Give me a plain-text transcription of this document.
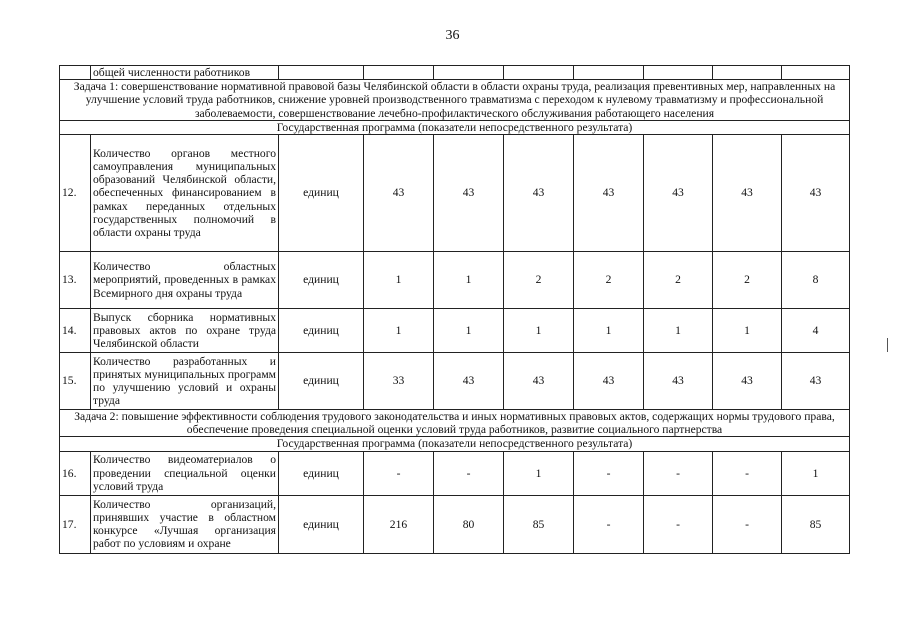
36
	общей численности работников								
Задача 1: совершенствование нормативной правовой базы Челябинской области в области охраны труда, реализация превентивных мер, направленных на улучшение условий труда работников, снижение уровней производственного травматизма с переходом к нулевому травматизму и профессиональной заболеваемости, совершенствование лечебно-профилактического обслуживания работающего населения									
Государственная программа (показатели непосредственного результата)									
12.	Количество органов местного самоуправления муниципальных образований Челябинской области, обеспеченных финансированием в рамках переданных отдельных государственных полномочий в области охраны труда	единиц	43	43	43	43	43	43	43
13.	Количество областных мероприятий, проведенных в рамках Всемирного дня охраны труда	единиц	1	1	2	2	2	2	8
14.	Выпуск сборника нормативных правовых актов по охране труда Челябинской области	единиц	1	1	1	1	1	1	4
15.	Количество разработанных и принятых муниципальных программ по улучшению условий и охраны труда	единиц	33	43	43	43	43	43	43
Задача 2: повышение эффективности соблюдения трудового законодательства и иных нормативных правовых актов, содержащих нормы трудового права, обеспечение проведения специальной оценки условий труда работников, развитие социального партнерства									
Государственная программа (показатели непосредственного результата)									
16.	Количество видеоматериалов о проведении специальной оценки условий труда	единиц	-	-	1	-	-	-	1
17.	Количество организаций, принявших участие в областном конкурсе «Лучшая организация работ по условиям и охране	единиц	216	80	85	-	-	-	85
